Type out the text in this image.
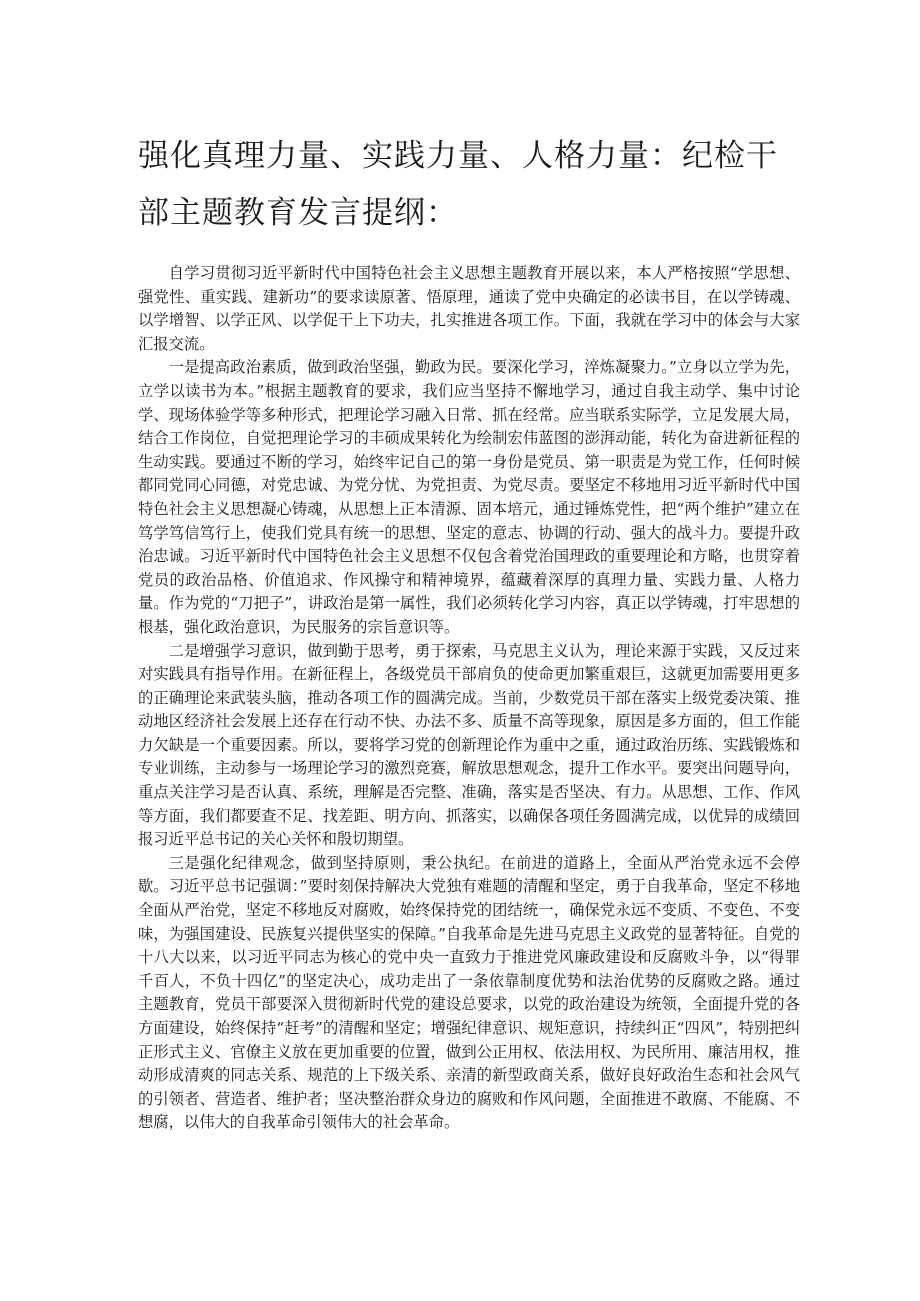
强化真理力量、实践力量、人格力量：纪检干部主题教育发言提纲：

自学习贯彻习近平新时代中国特色社会主义思想主题教育开展以来，本人严格按照“学思想、强党性、重实践、建新功”的要求读原著、悟原理，通读了党中央确定的必读书目，在以学铸魂、以学增智、以学正风、以学促干上下功夫，扎实推进各项工作。下面，我就在学习中的体会与大家汇报交流。

一是提高政治素质，做到政治坚强，勤政为民。要深化学习，淬炼凝聚力。”立身以立学为先，立学以读书为本。”根据主题教育的要求，我们应当坚持不懈地学习，通过自我主动学、集中讨论学、现场体验学等多种形式，把理论学习融入日常、抓在经常。应当联系实际学，立足发展大局，结合工作岗位，自觉把理论学习的丰硕成果转化为绘制宏伟蓝图的澎湃动能，转化为奋进新征程的生动实践。要通过不断的学习，始终牢记自己的第一身份是党员、第一职责是为党工作，任何时候都同党同心同德，对党忠诚、为党分忧、为党担责、为党尽责。要坚定不移地用习近平新时代中国特色社会主义思想凝心铸魂，从思想上正本清源、固本培元，通过锤炼党性，把“两个维护”建立在笃学笃信笃行上，使我们党具有统一的思想、坚定的意志、协调的行动、强大的战斗力。要提升政治忠诚。习近平新时代中国特色社会主义思想不仅包含着党治国理政的重要理论和方略，也贯穿着党员的政治品格、价值追求、作风操守和精神境界，蕴藏着深厚的真理力量、实践力量、人格力量。作为党的“刀把子”，讲政治是第一属性，我们必须转化学习内容，真正以学铸魂，打牢思想的根基，强化政治意识，为民服务的宗旨意识等。

二是增强学习意识，做到勤于思考，勇于探索，马克思主义认为，理论来源于实践，又反过来对实践具有指导作用。在新征程上，各级党员干部肩负的使命更加繁重艰巨，这就更加需要用更多的正确理论来武装头脑，推动各项工作的圆满完成。当前，少数党员干部在落实上级党委决策、推动地区经济社会发展上还存在行动不快、办法不多、质量不高等现象，原因是多方面的，但工作能力欠缺是一个重要因素。所以，要将学习党的创新理论作为重中之重，通过政治历练、实践锻炼和专业训练，主动参与一场理论学习的激烈竞赛，解放思想观念，提升工作水平。要突出问题导向，重点关注学习是否认真、系统，理解是否完整、准确，落实是否坚决、有力。从思想、工作、作风等方面，我们都要查不足、找差距、明方向、抓落实，以确保各项任务圆满完成，以优异的成绩回报习近平总书记的关心关怀和殷切期望。

三是强化纪律观念，做到坚持原则，秉公执纪。在前进的道路上，全面从严治党永远不会停歇。习近平总书记强调：”要时刻保持解决大党独有难题的清醒和坚定，勇于自我革命，坚定不移地全面从严治党，坚定不移地反对腐败，始终保持党的团结统一，确保党永远不变质、不变色、不变味，为强国建设、民族复兴提供坚实的保障。”自我革命是先进马克思主义政党的显著特征。自党的十八大以来，以习近平同志为核心的党中央一直致力于推进党风廉政建设和反腐败斗争，以“得罪千百人，不负十四亿”的坚定决心，成功走出了一条依靠制度优势和法治优势的反腐败之路。通过主题教育，党员干部要深入贯彻新时代党的建设总要求，以党的政治建设为统领，全面提升党的各方面建设，始终保持“赶考”的清醒和坚定；增强纪律意识、规矩意识，持续纠正“四风”，特别把纠正形式主义、官僚主义放在更加重要的位置，做到公正用权、依法用权、为民所用、廉洁用权，推动形成清爽的同志关系、规范的上下级关系、亲清的新型政商关系，做好良好政治生态和社会风气的引领者、营造者、维护者；坚决整治群众身边的腐败和作风问题，全面推进不敢腐、不能腐、不想腐，以伟大的自我革命引领伟大的社会革命。
